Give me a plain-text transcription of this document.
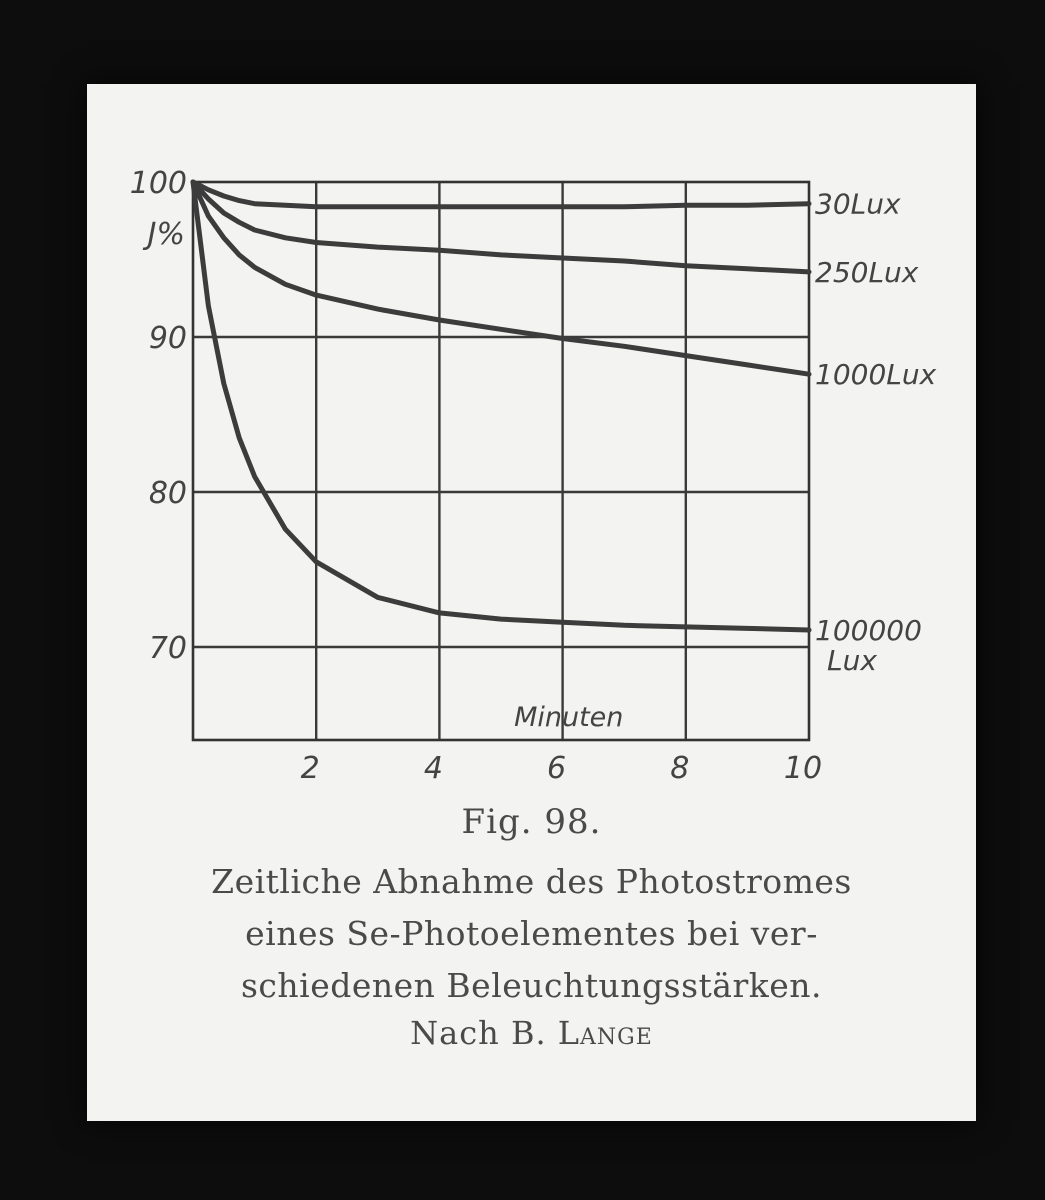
100
90
80
70
2	4	6	8	10
30Lux
250Lux
1000Lux
100000
Lux
J%
Minuten
Fig. 98.
Zeitliche Abnahme des Photostromes
eines Se-Photoelementes bei ver-
schiedenen Beleuchtungsstärken.
Nach B. Lange
